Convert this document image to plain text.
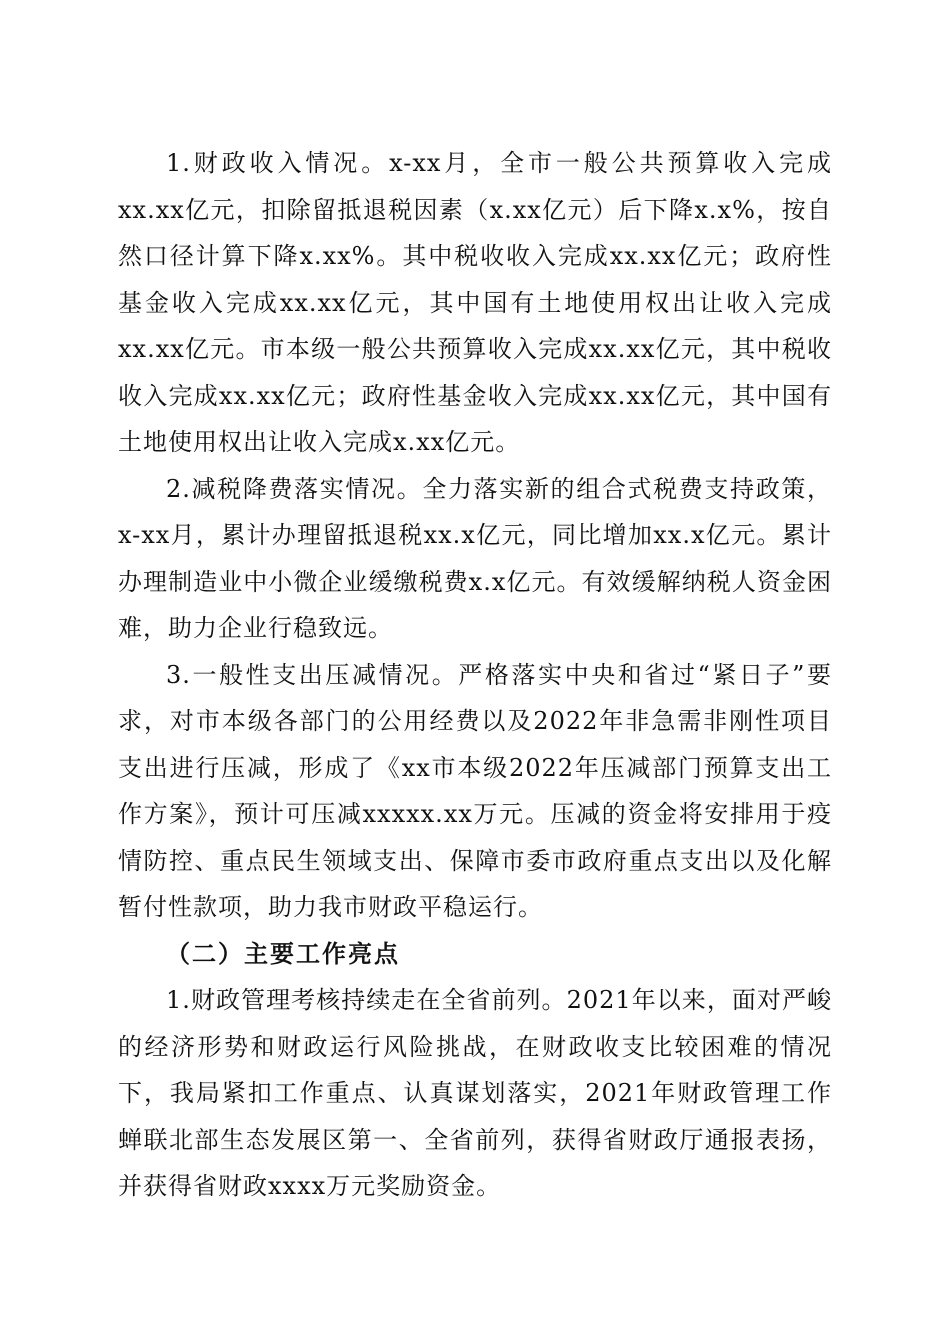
1.财政收入情况。x-xx月，全市一般公共预算收入完成xx.xx亿元，扣除留抵退税因素（x.xx亿元）后下降x.x%，按自然口径计算下降x.xx%。其中税收收入完成xx.xx亿元；政府性基金收入完成xx.xx亿元，其中国有土地使用权出让收入完成xx.xx亿元。市本级一般公共预算收入完成xx.xx亿元，其中税收收入完成xx.xx亿元；政府性基金收入完成xx.xx亿元，其中国有土地使用权出让收入完成x.xx亿元。

2.减税降费落实情况。全力落实新的组合式税费支持政策，x-xx月，累计办理留抵退税xx.x亿元，同比增加xx.x亿元。累计办理制造业中小微企业缓缴税费x.x亿元。有效缓解纳税人资金困难，助力企业行稳致远。

3.一般性支出压减情况。严格落实中央和省过“紧日子”要求，对市本级各部门的公用经费以及2022年非急需非刚性项目支出进行压减，形成了《xx市本级2022年压减部门预算支出工作方案》，预计可压减xxxxx.xx万元。压减的资金将安排用于疫情防控、重点民生领域支出、保障市委市政府重点支出以及化解暂付性款项，助力我市财政平稳运行。

（二）主要工作亮点

1.财政管理考核持续走在全省前列。2021年以来，面对严峻的经济形势和财政运行风险挑战，在财政收支比较困难的情况下，我局紧扣工作重点、认真谋划落实，2021年财政管理工作蝉联北部生态发展区第一、全省前列，获得省财政厅通报表扬，并获得省财政xxxx万元奖励资金。
